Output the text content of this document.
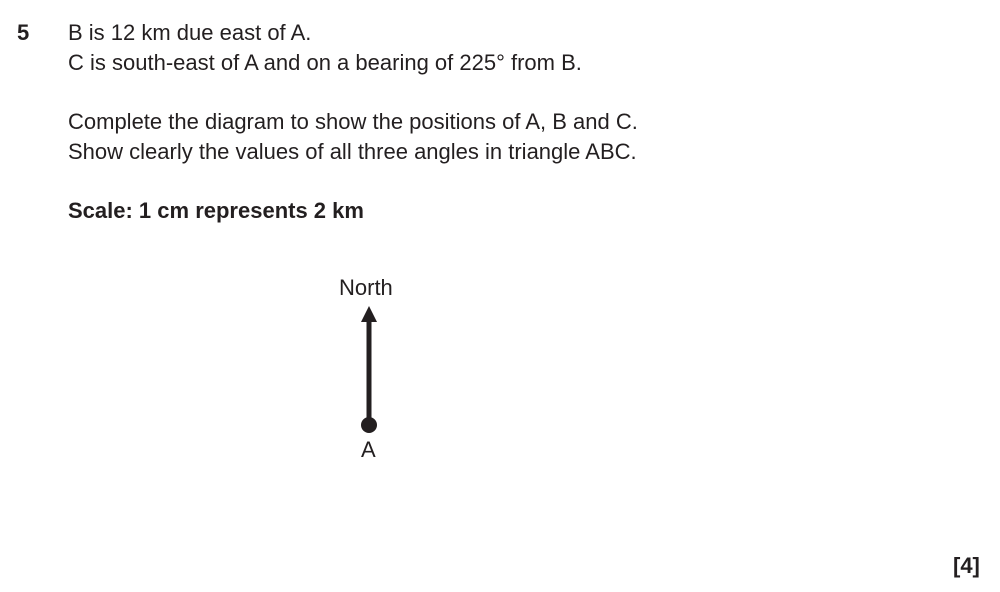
5 B is 12 km due east of A.
C is south-east of A and on a bearing of 225° from B.
Complete the diagram to show the positions of A, B and C.
Show clearly the values of all three angles in triangle ABC.
Scale: 1 cm represents 2 km
North
A
[4]
